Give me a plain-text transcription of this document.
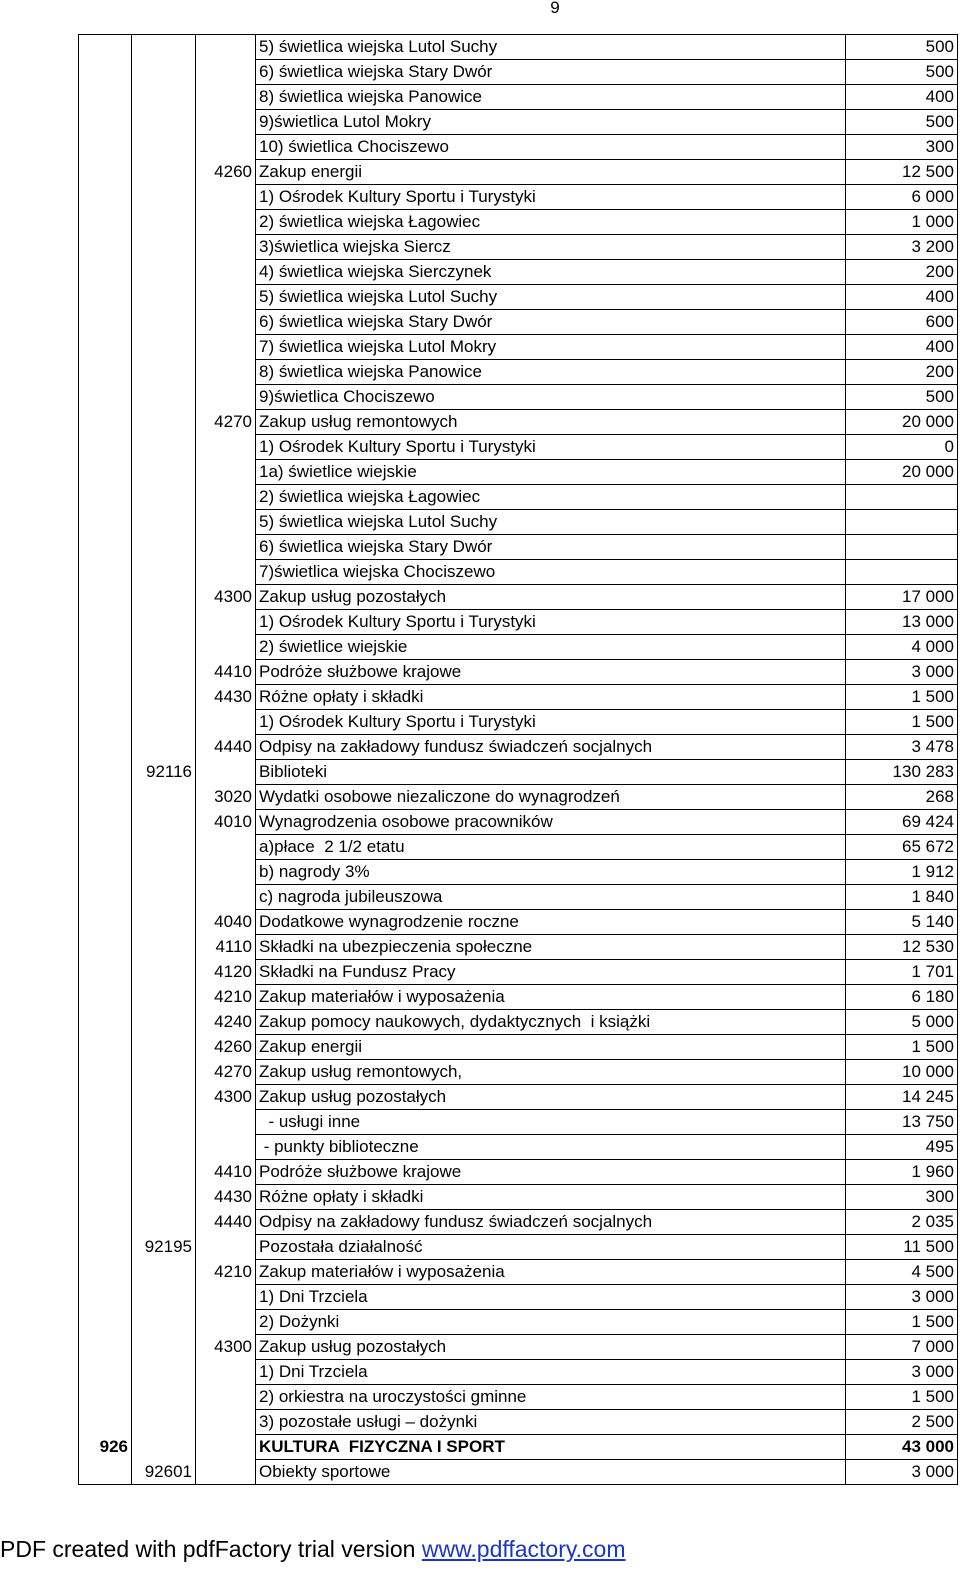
9
			5) świetlica wiejska Lutol Suchy	500
			6) świetlica wiejska Stary Dwór	500
			8) świetlica wiejska Panowice	400
			9)świetlica Lutol Mokry	500
			10) świetlica Chociszewo	300
		4260	Zakup energii	12 500
			1) Ośrodek Kultury Sportu i Turystyki	6 000
			2) świetlica wiejska Łagowiec	1 000
			3)świetlica wiejska Siercz	3 200
			4) świetlica wiejska Sierczynek	200
			5) świetlica wiejska Lutol Suchy	400
			6) świetlica wiejska Stary Dwór	600
			7) świetlica wiejska Lutol Mokry	400
			8) świetlica wiejska Panowice	200
			9)świetlica Chociszewo	500
		4270	Zakup usług remontowych	20 000
			1) Ośrodek Kultury Sportu i Turystyki	0
			1a) świetlice wiejskie	20 000
			2) świetlica wiejska Łagowiec	
			5) świetlica wiejska Lutol Suchy	
			6) świetlica wiejska Stary Dwór	
			7)świetlica wiejska Chociszewo	
		4300	Zakup usług pozostałych	17 000
			1) Ośrodek Kultury Sportu i Turystyki	13 000
			2) świetlice wiejskie	4 000
		4410	Podróże służbowe krajowe	3 000
		4430	Różne opłaty i składki	1 500
			1) Ośrodek Kultury Sportu i Turystyki	1 500
		4440	Odpisy na zakładowy fundusz świadczeń socjalnych	3 478
	92116		Biblioteki	130 283
		3020	Wydatki osobowe niezaliczone do wynagrodzeń	268
		4010	Wynagrodzenia osobowe pracowników	69 424
			a)płace  2 1/2 etatu	65 672
			b) nagrody 3%	1 912
			c) nagroda jubileuszowa	1 840
		4040	Dodatkowe wynagrodzenie roczne	5 140
		4110	Składki na ubezpieczenia społeczne	12 530
		4120	Składki na Fundusz Pracy	1 701
		4210	Zakup materiałów i wyposażenia	6 180
		4240	Zakup pomocy naukowych, dydaktycznych  i książki	5 000
		4260	Zakup energii	1 500
		4270	Zakup usług remontowych,	10 000
		4300	Zakup usług pozostałych	14 245
			- usługi inne	13 750
			- punkty biblioteczne	495
		4410	Podróże służbowe krajowe	1 960
		4430	Różne opłaty i składki	300
		4440	Odpisy na zakładowy fundusz świadczeń socjalnych	2 035
	92195		Pozostała działalność	11 500
		4210	Zakup materiałów i wyposażenia	4 500
			1) Dni Trzciela	3 000
			2) Dożynki	1 500
		4300	Zakup usług pozostałych	7 000
			1) Dni Trzciela	3 000
			2) orkiestra na uroczystości gminne	1 500
			3) pozostałe usługi – dożynki	2 500
926			KULTURA  FIZYCZNA I SPORT	43 000
	92601		Obiekty sportowe	3 000
PDF created with pdfFactory trial version www.pdffactory.com
